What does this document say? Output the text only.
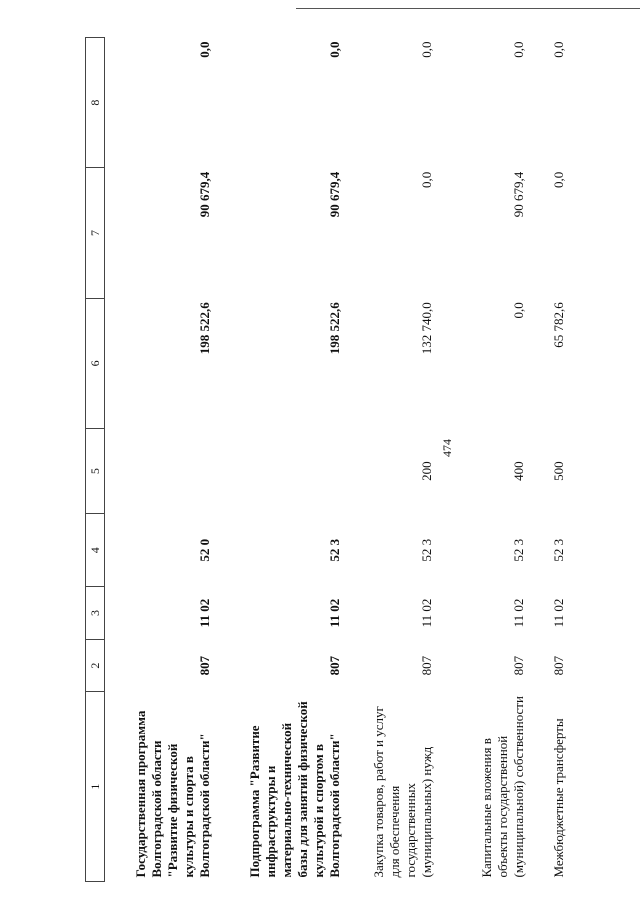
474
1	2	3	4	5	6	7	8
Государственная программа Волгоградской области "Развитие физической культуры и спорта в Волгоградской области"	807	11 02	52 0		198 522,6	90 679,4	0,0
Подпрограмма "Развитие инфраструктуры и материально-технической базы для занятий физической культурой и спортом в Волгоградской области"	807	11 02	52 3		198 522,6	90 679,4	0,0
Закупка товаров, работ и услуг для обеспечения государственных (муниципальных) нужд	807	11 02	52 3	200	132 740,0	0,0	0,0
Капитальные вложения в объекты государственной (муниципальной) собственности	807	11 02	52 3	400	0,0	90 679,4	0,0
Межбюджетные трансферты	807	11 02	52 3	500	65 782,6	0,0	0,0
